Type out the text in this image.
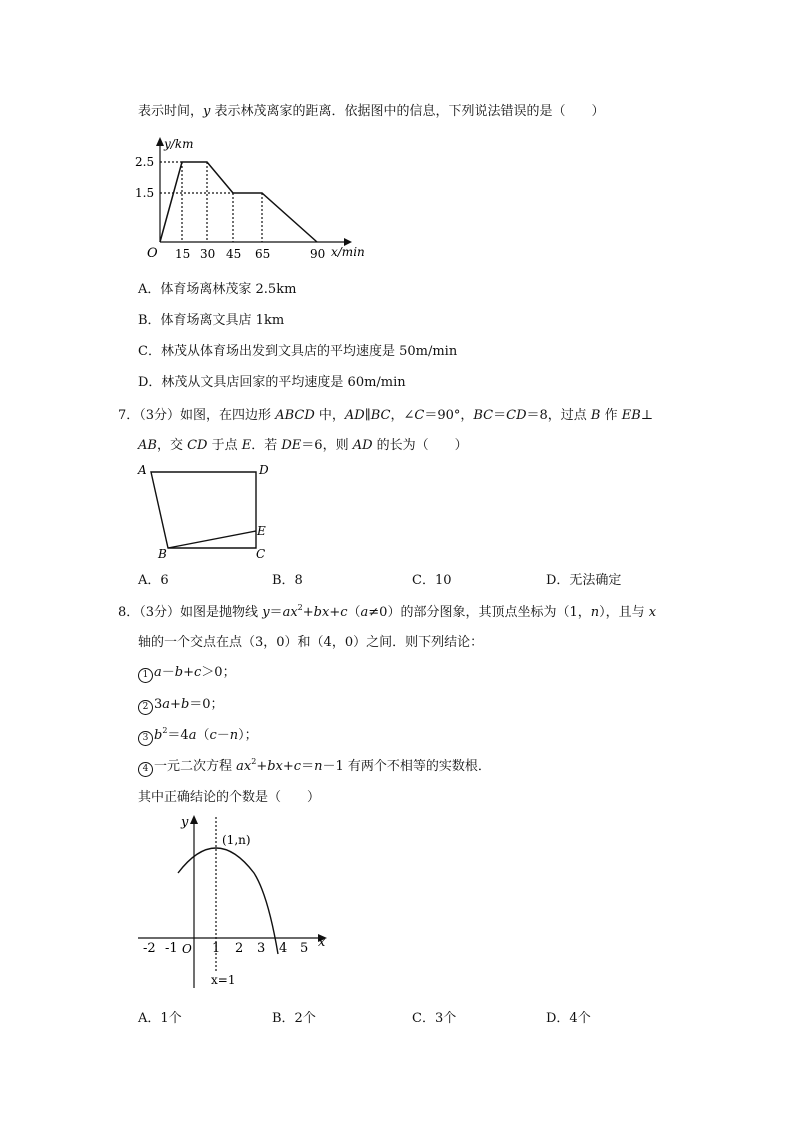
表示时间，y 表示林茂离家的距离．依据图中的信息，下列说法错误的是（　　）
y/km
2.5
1.5
O 15 30 45 65	90 x/min
A．体育场离林茂家 2.5km
B．体育场离文具店 1km
C．林茂从体育场出发到文具店的平均速度是 50m/min
D．林茂从文具店回家的平均速度是 60m/min
7．（3分）如图，在四边形 ABCD 中，AD∥BC，∠C＝90°，BC＝CD＝8，过点 B 作 EB⊥
AB，交 CD 于点 E．若 DE＝6，则 AD 的长为（　　）
A	D
E
B	C
A．6	B．8	C．10	D．无法确定
8．（3分）如图是抛物线 $y=ax^2+bx+c(a\ne 0)$的部分图象，其顶点坐标为（1，n），且与 x
轴的一个交点在点（3，0）和（4，0）之间．则下列结论：
1 a－b+c＞0；
2 3a+b＝0；
3 $b^2=4a(c-n)$；
4 一元二次方程 $ax^2+bx+c=n-1$ 有两个不相等的实数根．
其中正确结论的个数是（　　）
y
x
(1,n)
O
-2 -1	1 2 3 4 5
x=1
A．1个	B．2个	C．3个	D．4个
